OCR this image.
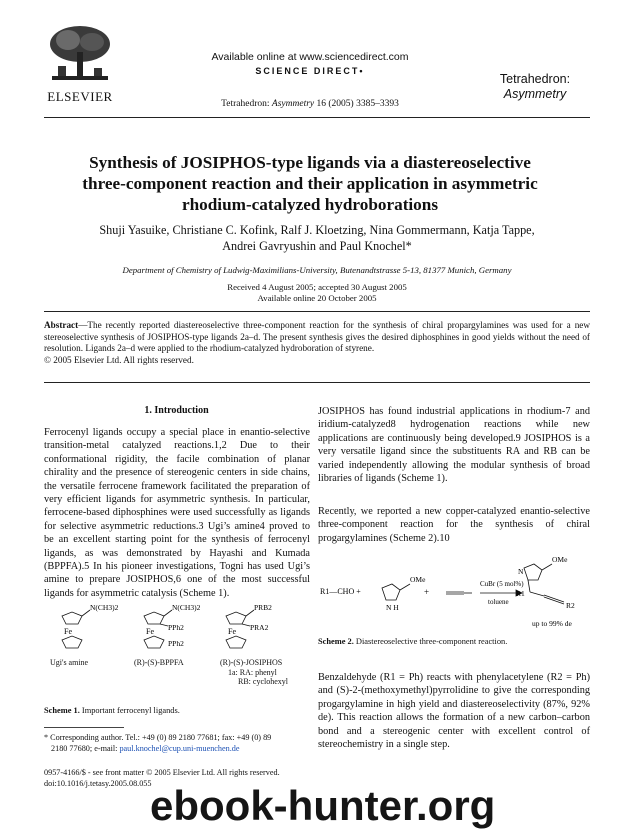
ELSEVIER
Available online at www.sciencedirect.com
SCIENCE DIRECT•
Tetrahedron: Asymmetry 16 (2005) 3385–3393
Tetrahedron:
Asymmetry
Synthesis of JOSIPHOS-type ligands via a diastereoselective three-component reaction and their application in asymmetric rhodium-catalyzed hydroborations
Shuji Yasuike, Christiane C. Kofink, Ralf J. Kloetzing, Nina Gommermann, Katja Tappe,
Andrei Gavryushin and Paul Knochel*
Department of Chemistry of Ludwig-Maximilians-University, Butenandtstrasse 5-13, 81377 Munich, Germany
Received 4 August 2005; accepted 30 August 2005
Available online 20 October 2005
Abstract—The recently reported diastereoselective three-component reaction for the synthesis of chiral propargylamines was used for a new stereoselective synthesis of JOSIPHOS-type ligands 2a–d. The present synthesis gives the desired diphosphines in good yields without the need of resolution. Ligands 2a–d were applied to the rhodium-catalyzed hydroboration of styrene.
© 2005 Elsevier Ltd. All rights reserved.
1. Introduction

Ferrocenyl ligands occupy a special place in enantio-selective transition-metal catalyzed reactions.1,2 Due to their conformational rigidity, the facile combination of planar chirality and the presence of stereogenic centers in side chains, the versatile ferrocene framework facilitated the preparation of very efficient ligands for asymmetric synthesis. In particular, ferrocene-based diphosphines were used successfully as ligands for selective asymmetric reductions.3 Ugi’s amine4 proved to be an excellent starting point for the synthesis of ferrocenyl ligands, as was demonstrated by Hayashi and Kumada (BPPFA).5 In his pioneer investigations, Togni has used Ugi’s amine to prepare JOSIPHOS,6 one of the most successful ligands for asymmetric catalysis (Scheme 1).

Fe	Fe	Fe
N(CH3)2	N(CH3)2
PPh2
PPh2
PRB2
PRA2
Ugi's amine	(R)-(S)-BPPFA	(R)-(S)-JOSIPHOS
1a: RA: phenyl
RB: cyclohexyl
Scheme 1. Important ferrocenyl ligands.
* Corresponding author. Tel.: +49 (0) 89 2180 77681; fax: +49 (0) 89
2180 77680; e-mail: paul.knochel@cup.uni-muenchen.de
0957-4166/$ - see front matter © 2005 Elsevier Ltd. All rights reserved.
doi:10.1016/j.tetasy.2005.08.055

JOSIPHOS has found industrial applications in rhodium-7 and iridium-catalyzed8 hydrogenation reactions while new applications are continuously being developed.9 JOSIPHOS is a very versatile ligand since the substituents RA and RB can be varied independently allowing the modular synthesis of broad libraries of ligands (Scheme 1).

Recently, we reported a new copper-catalyzed enantio-selective three-component reaction for the synthesis of chiral progargylamines (Scheme 2).10

R1—CHO +
OMe
N H
+
CuBr (5 mol%)
toluene
OMe
N
R1
R2
up to 99% de
Scheme 2. Diastereoselective three-component reaction.

Benzaldehyde (R1 = Ph) reacts with phenylacetylene (R2 = Ph) and (S)-2-(methoxymethyl)pyrrolidine to give the corresponding progargylamine in high yield and diastereoselectivity (87%, 92% de). This reaction allows the formation of a new carbon–carbon bond and a stereogenic center with excellent control of stereochemistry in a single step.

ebook-hunter.org
